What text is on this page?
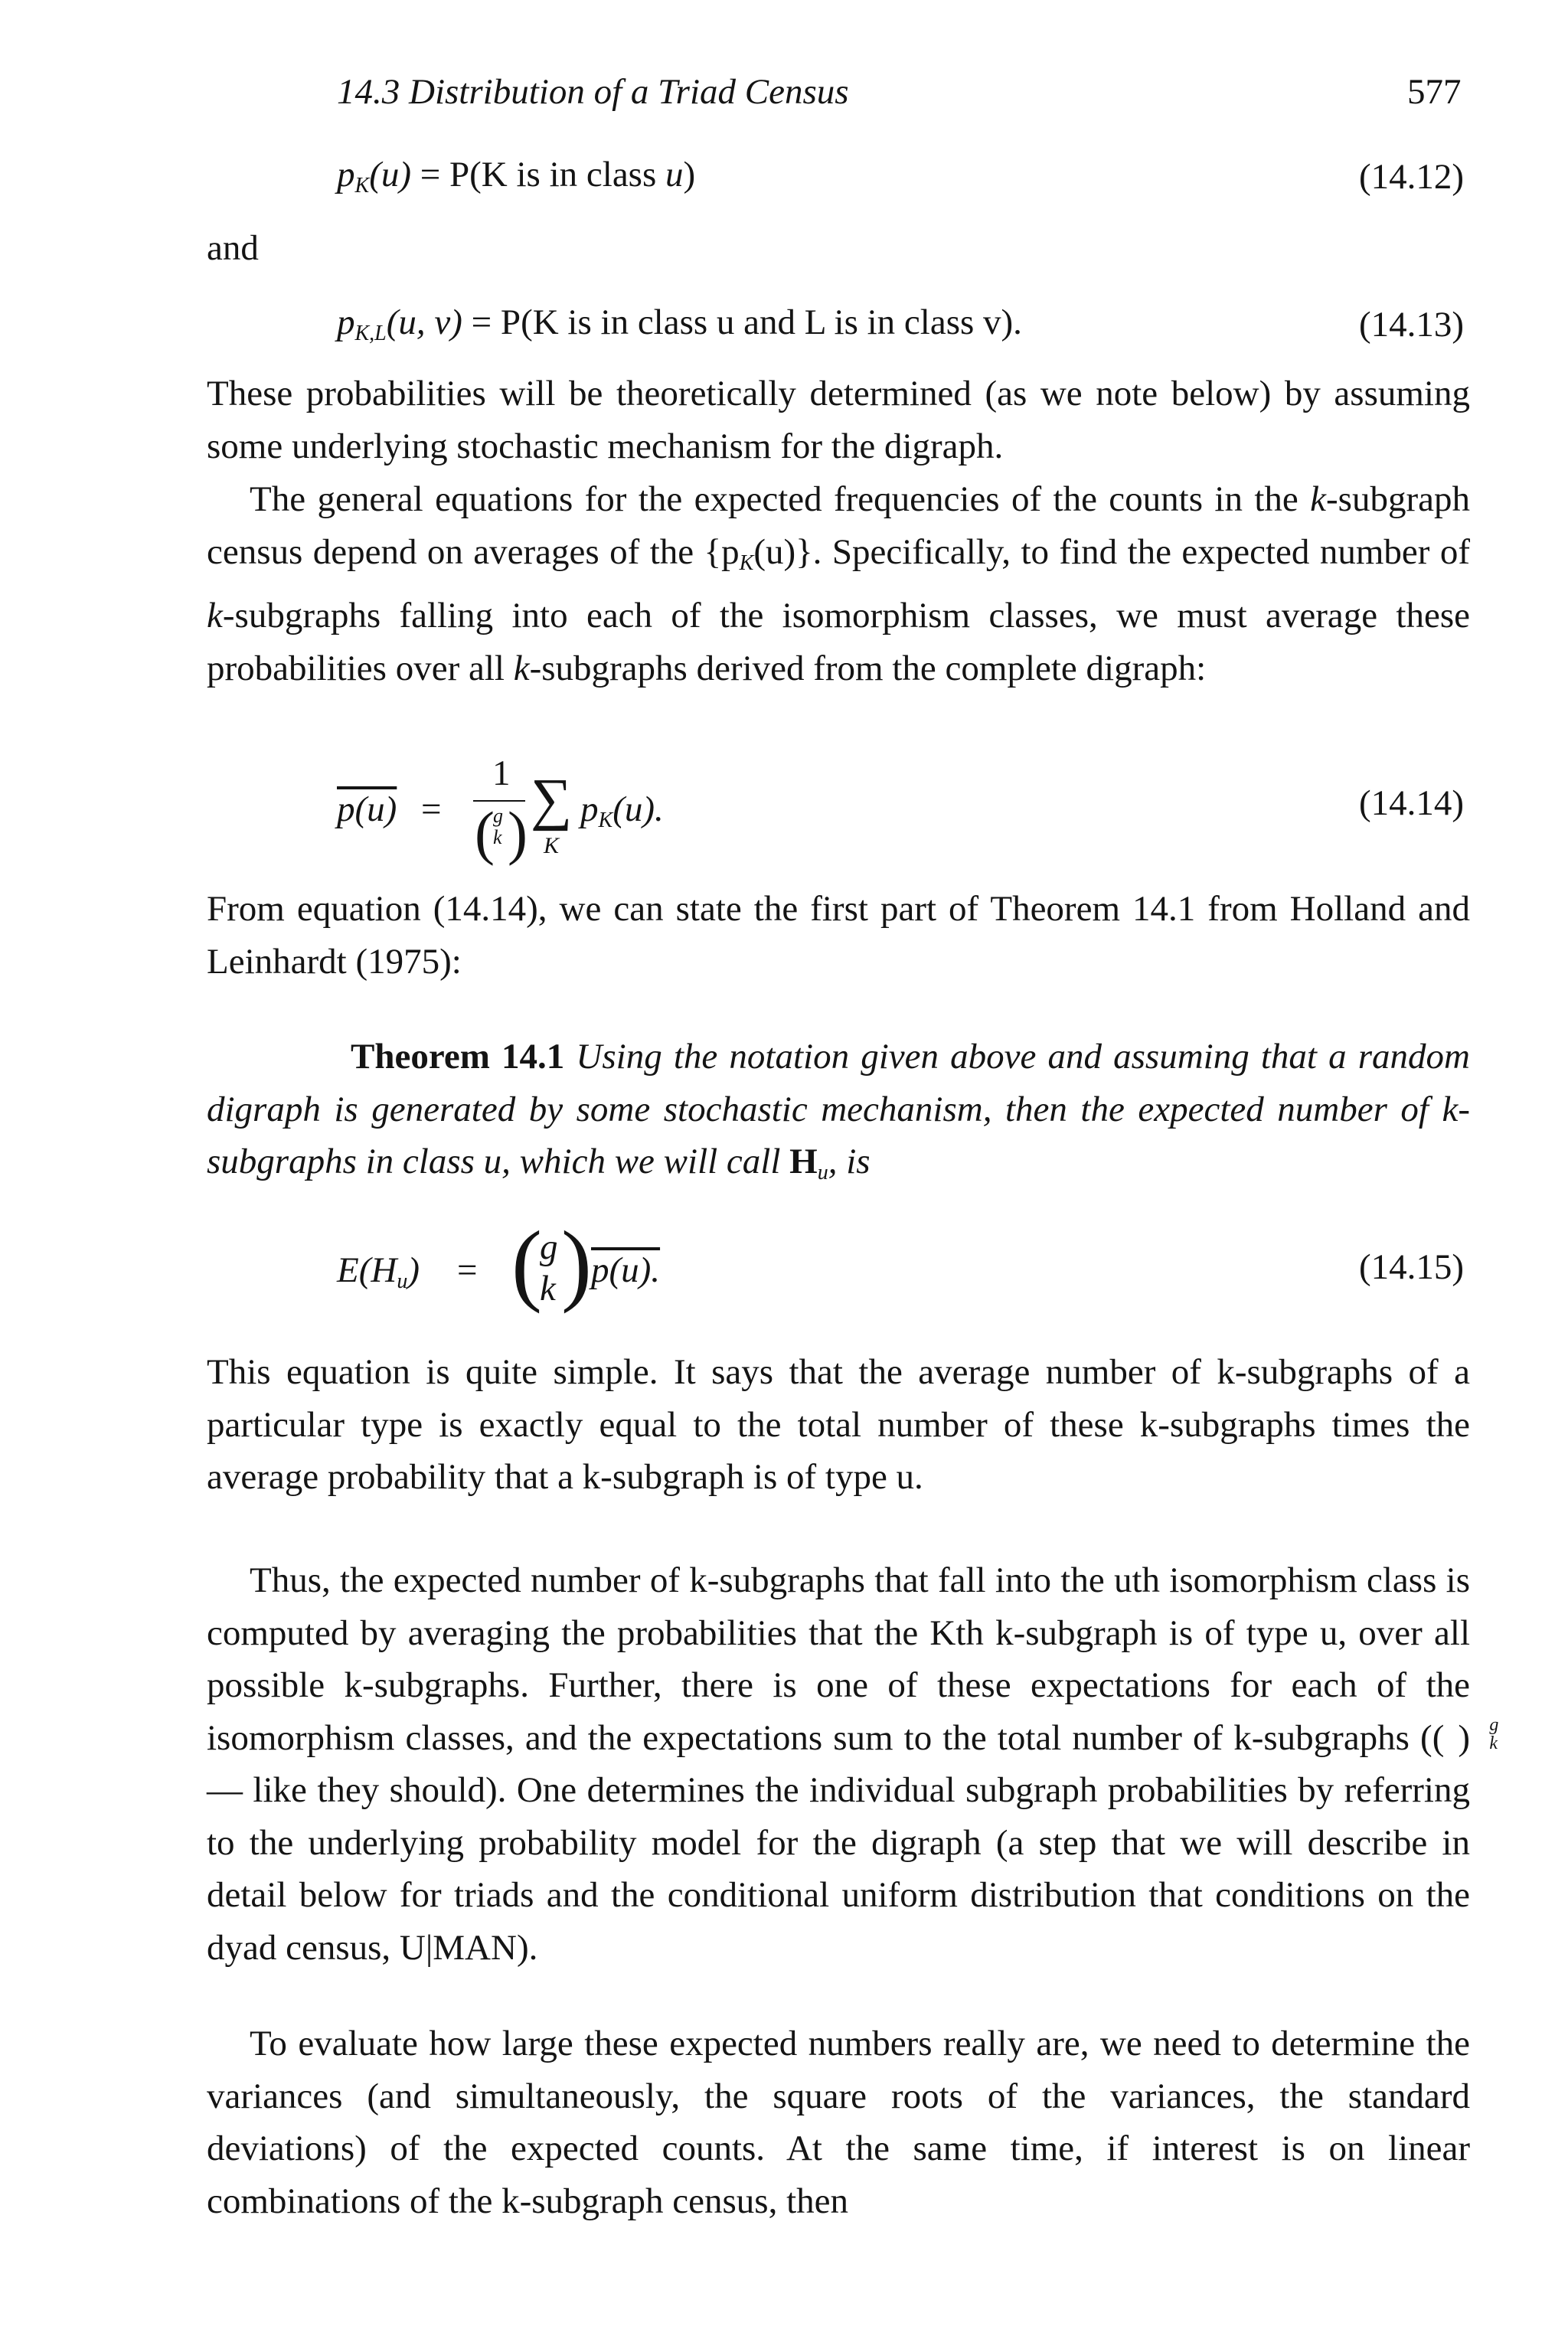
14.3 Distribution of a Triad Census	577
$p_K(u) = P(K$ is in class u)	(14.12)
and
$p_{K,L}(u$, v) = P(K is in class u and L is in class v).	(14.13)
These probabilities will be theoretically determined (as we note below) by assuming some underlying stochastic mechanism for the digraph.
The general equations for the expected frequencies of the counts in the k-subgraph census depend on averages of the $\{p_K(u)\}$. Specifically, to find the expected number of k-subgraphs falling into each of the isomorphism classes, we must average these probabilities over all k-subgraphs derived from the complete digraph:
p(u) =
1
(
g
k ) ∑
K
$p_K(u)$.	(14.14)
From equation (14.14), we can state the first part of Theorem 14.1 from Holland and Leinhardt (1975):
Theorem 14.1 Using the notation given above and assuming that a random digraph is generated by some stochastic mechanism, then the expected number of k-subgraphs in class u, which we will call $H_u$, is
$E(H_u)$ = (
g
k ) p(u).	(14.15)
This equation is quite simple. It says that the average number of k-subgraphs of a particular type is exactly equal to the total number of these k-subgraphs times the average probability that a k-subgraph is of type u.
Thus, the expected number of k-subgraphs that fall into the uth isomorphism class is computed by averaging the probabilities that the Kth k-subgraph is of type u, over all possible k-subgraphs. Further, there is one of these expectations for each of the isomorphism classes, and the expectations sum to the total number of k-subgraphs ((	g
k
) — like they should). One determines the individual subgraph probabilities by referring to the underlying probability model for the digraph (a step that we will describe in detail below for triads and the conditional uniform distribution that conditions on the dyad census, U|MAN).
To evaluate how large these expected numbers really are, we need to determine the variances (and simultaneously, the square roots of the variances, the standard deviations) of the expected counts. At the same time, if interest is on linear combinations of the k-subgraph census, then
